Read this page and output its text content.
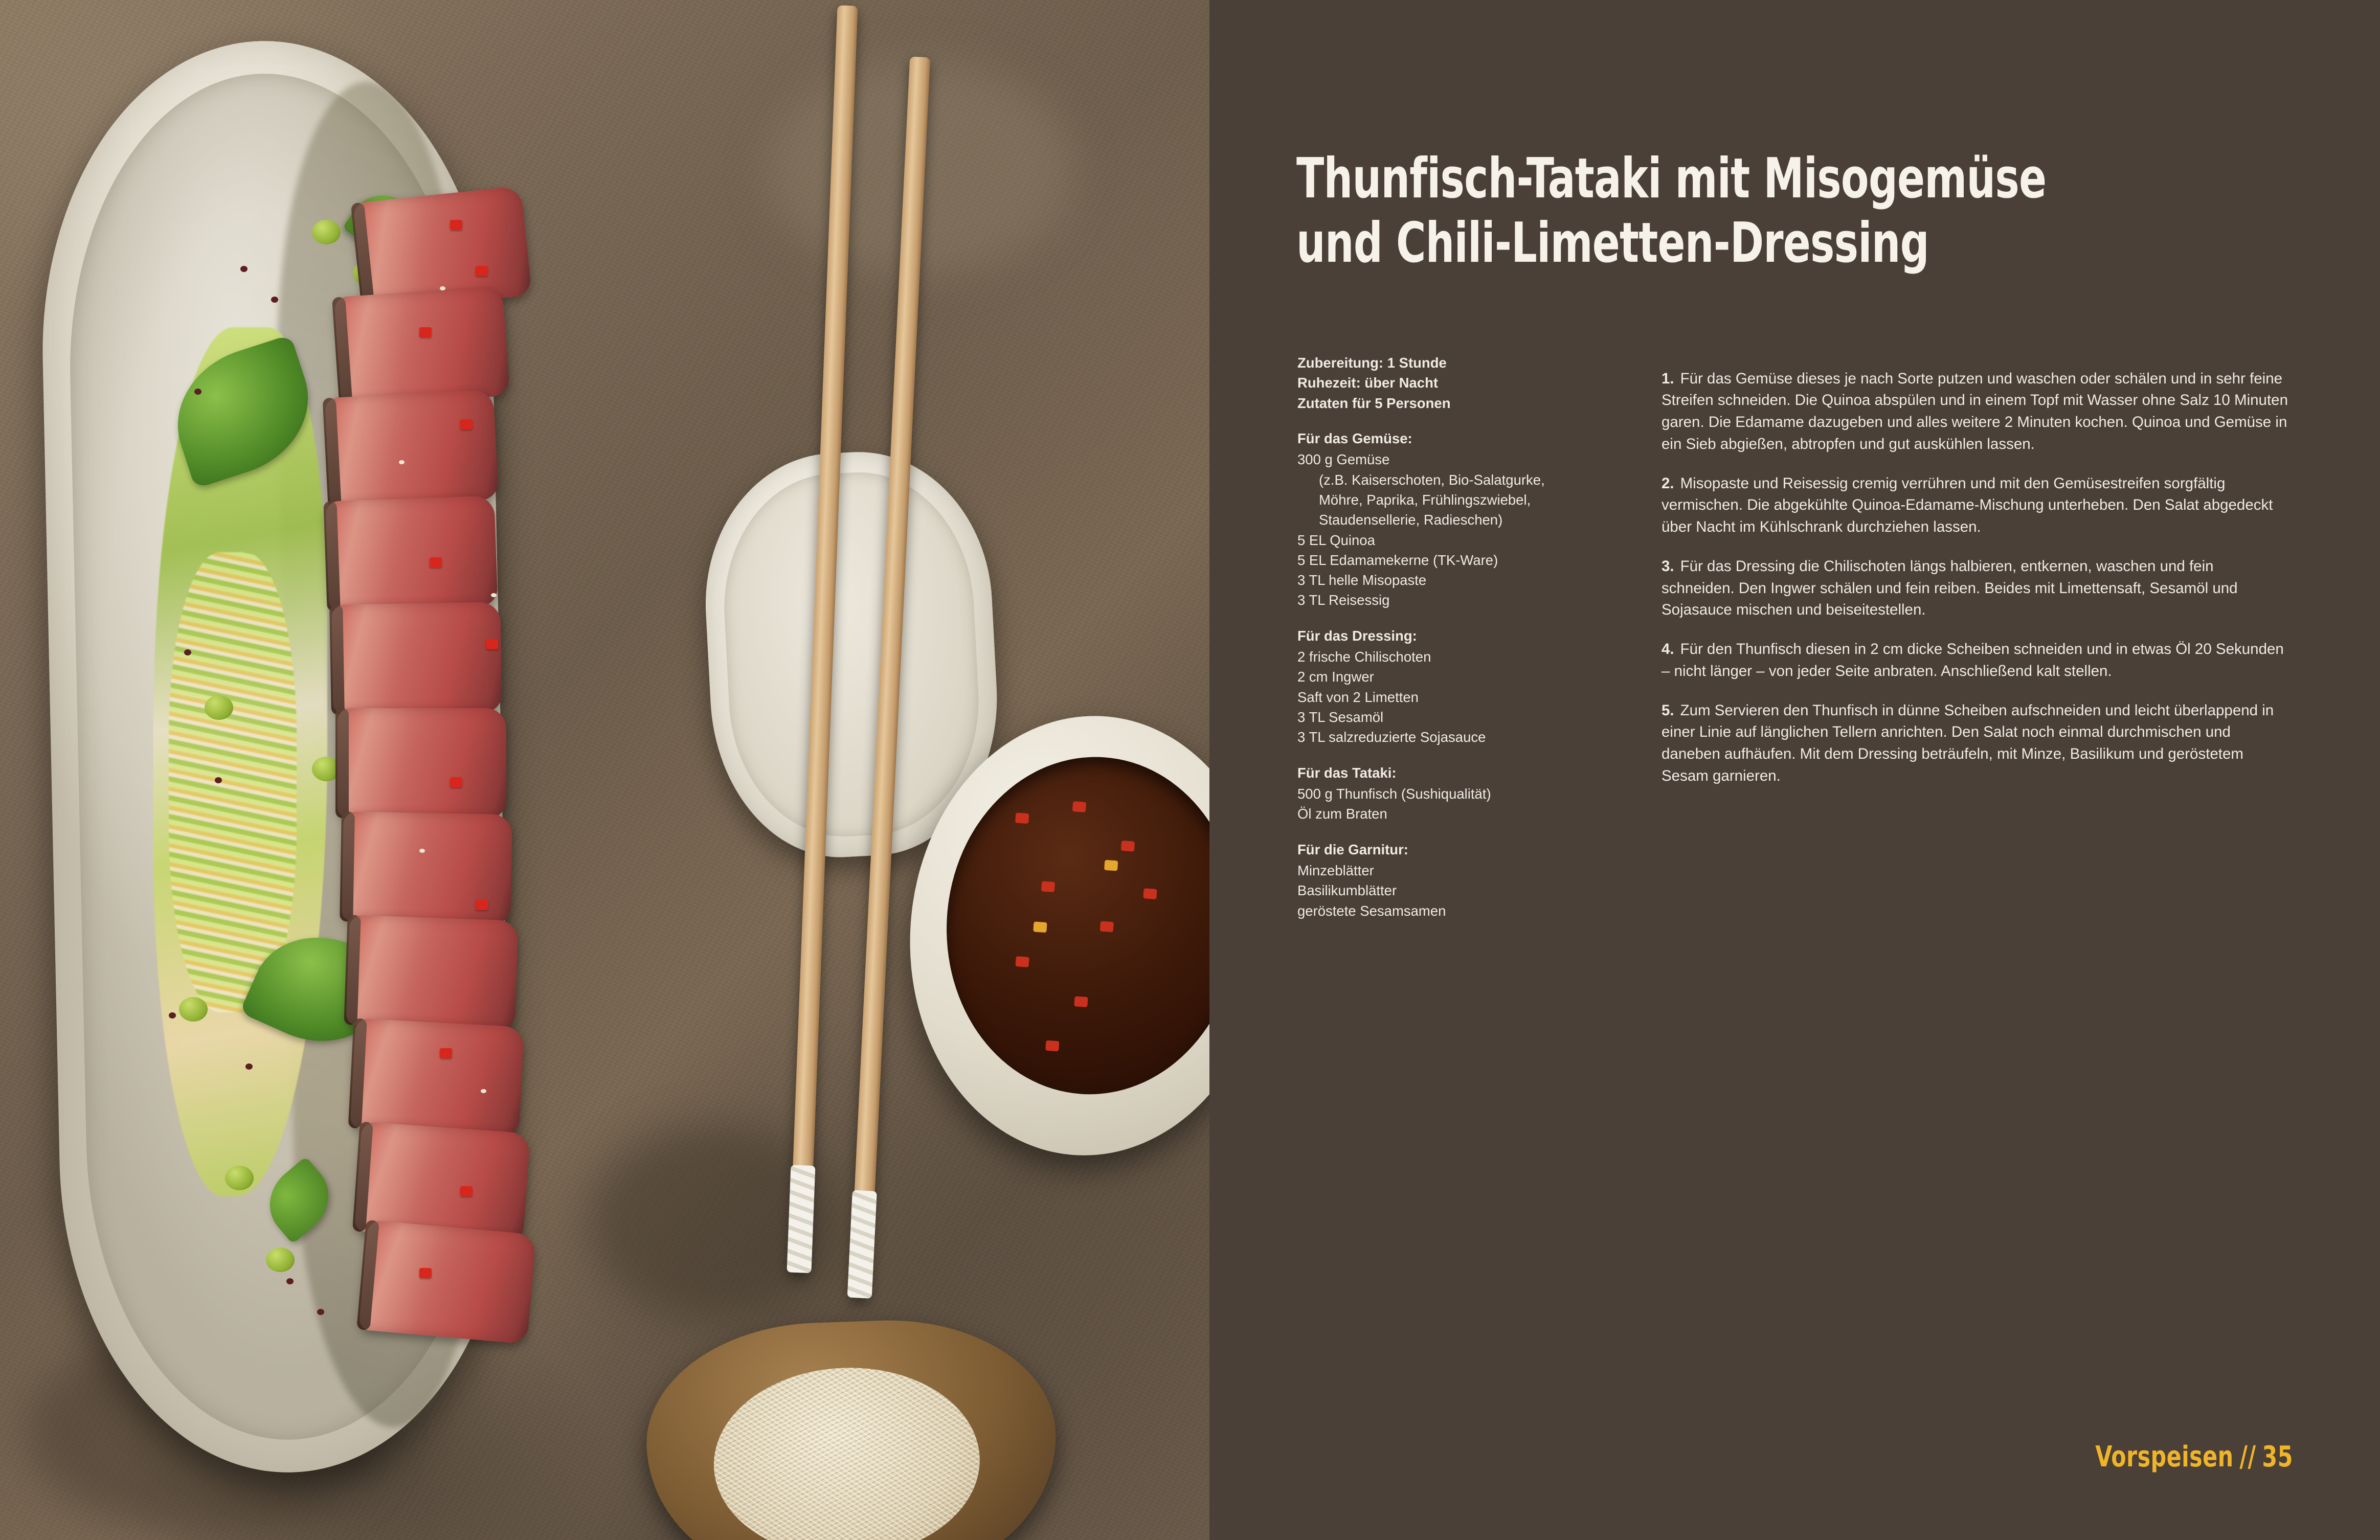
Thunfisch-Tataki mit Misogemüse
und Chili-Limetten-Dressing
Zubereitung: 1 Stunde
Ruhezeit: über Nacht
Zutaten für 5 Personen
Für das Gemüse:
300 g Gemüse
(z.B. Kaiserschoten, Bio-Salatgurke,
Möhre, Paprika, Frühlingszwiebel,
Staudensellerie, Radieschen)
5 EL Quinoa
5 EL Edamamekerne (TK-Ware)
3 TL helle Misopaste
3 TL Reisessig
Für das Dressing:
2 frische Chilischoten
2 cm Ingwer
Saft von 2 Limetten
3 TL Sesamöl
3 TL salzreduzierte Sojasauce
Für das Tataki:
500 g Thunfisch (Sushiqualität)
Öl zum Braten
Für die Garnitur:
Minzeblätter
Basilikumblätter
geröstete Sesamsamen

1. Für das Gemüse dieses je nach Sorte putzen und waschen oder schälen und in sehr feine Streifen schneiden. Die Quinoa abspülen und in einem Topf mit Wasser ohne Salz 10 Minuten garen. Die Edamame dazugeben und alles weitere 2 Minuten kochen. Quinoa und Gemüse in ein Sieb abgießen, abtropfen und gut auskühlen lassen.

2. Misopaste und Reisessig cremig verrühren und mit den Gemüsestreifen sorgfältig vermischen. Die abgekühlte Quinoa-Edamame-Mischung unterheben. Den Salat abgedeckt über Nacht im Kühlschrank durchziehen lassen.

3. Für das Dressing die Chilischoten längs halbieren, entkernen, waschen und fein schneiden. Den Ingwer schälen und fein reiben. Beides mit Limettensaft, Sesamöl und Sojasauce mischen und beiseitestellen.

4. Für den Thunfisch diesen in 2 cm dicke Scheiben schneiden und in etwas Öl 20 Sekunden – nicht länger – von jeder Seite anbraten. Anschließend kalt stellen.

5. Zum Servieren den Thunfisch in dünne Scheiben aufschneiden und leicht überlappend in einer Linie auf länglichen Tellern anrichten. Den Salat noch einmal durchmischen und daneben aufhäufen. Mit dem Dressing beträufeln, mit Minze, Basilikum und geröstetem Sesam garnieren.

Vorspeisen // 35
